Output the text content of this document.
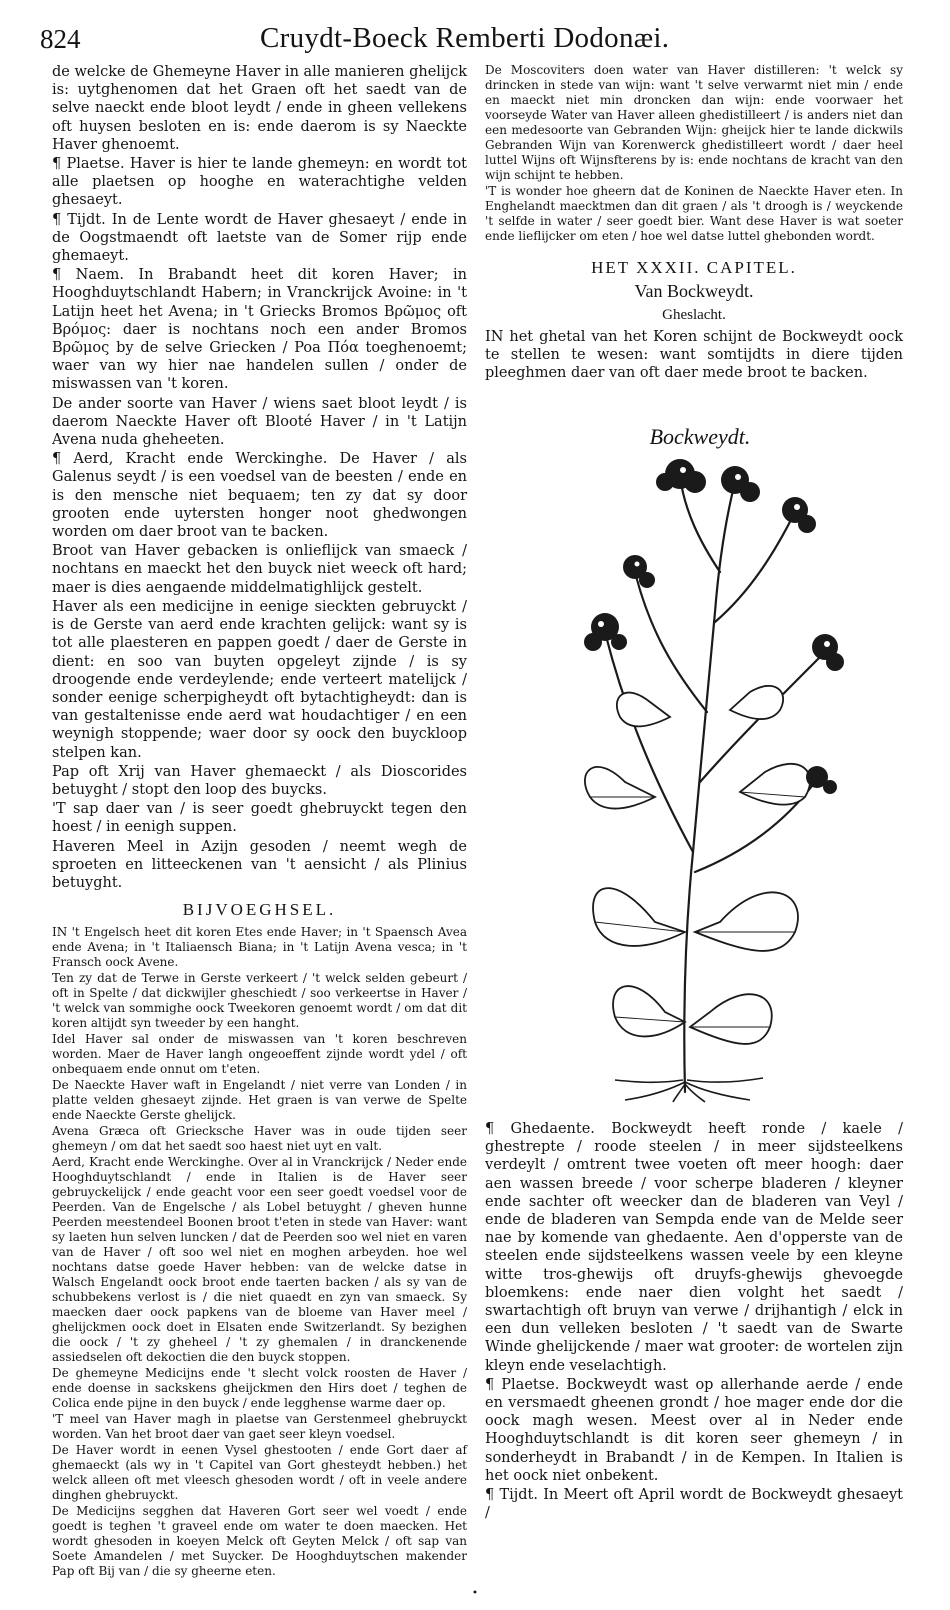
824	Cruydt-Boeck Remberti Dodonæi.

de welcke de Ghemeyne Haver in alle manieren ghelijck is: uytghenomen dat het Graen oft het saedt van de selve naeckt ende bloot leydt / ende in gheen vellekens oft huysen besloten en is: ende daerom is sy Naeckte Haver ghenoemt.

¶ Plaetse. Haver is hier te lande ghemeyn: en wordt tot alle plaetsen op hooghe en waterachtighe velden ghesaeyt.

¶ Tijdt. In de Lente wordt de Haver ghesaeyt / ende in de Oogstmaendt oft laetste van de Somer rijp ende ghemaeyt.

¶ Naem. In Brabandt heet dit koren Haver; in Hooghduytschlandt Habern; in Vranckrijck Avoine: in 't Latijn heet het Avena; in 't Griecks Bromos Βρῶμος oft Βρόμος: daer is nochtans noch een ander Bromos Βρῶμος by de selve Griecken / Poa Πόα toeghenoemt; waer van wy hier nae handelen sullen / onder de miswassen van 't koren.

De ander soorte van Haver / wiens saet bloot leydt / is daerom Naeckte Haver oft Blooté Haver / in 't Latijn Avena nuda gheheeten.

¶ Aerd, Kracht ende Werckinghe. De Haver / als Galenus seydt / is een voedsel van de beesten / ende en is den mensche niet bequaem; ten zy dat sy door grooten ende uytersten honger noot ghedwongen worden om daer broot van te backen.

Broot van Haver gebacken is onlieflijck van smaeck / nochtans en maeckt het den buyck niet weeck oft hard; maer is dies aengaende middelmatighlijck gestelt.

Haver als een medicijne in eenige sieckten gebruyckt / is de Gerste van aerd ende krachten gelijck: want sy is tot alle plaesteren en pappen goedt / daer de Gerste in dient: en soo van buyten opgeleyt zijnde / is sy droogende ende verdeylende; ende verteert matelijck / sonder eenige scherpigheydt oft bytachtigheydt: dan is van gestaltenisse ende aerd wat houdachtiger / en een weynigh stoppende; waer door sy oock den buyckloop stelpen kan.

Pap oft Xrij van Haver ghemaeckt / als Dioscorides betuyght / stopt den loop des buycks.

'T sap daer van / is seer goedt ghebruyckt tegen den hoest / in eenigh suppen.

Haveren Meel in Azijn gesoden / neemt wegh de sproeten en litteeckenen van 't aensicht / als Plinius betuyght.

BIJVOEGHSEL.

IN 't Engelsch heet dit koren Etes ende Haver; in 't Spaensch Avea ende Avena; in 't Italiaensch Biana; in 't Latijn Avena vesca; in 't Fransch oock Avene.

Ten zy dat de Terwe in Gerste verkeert / 't welck selden gebeurt / oft in Spelte / dat dickwijler gheschiedt / soo verkeertse in Haver / 't welck van sommighe oock Tweekoren genoemt wordt / om dat dit koren altijdt syn tweeder by een hanght.

Idel Haver sal onder de miswassen van 't koren beschreven worden. Maer de Haver langh ongeoeffent zijnde wordt ydel / oft onbequaem ende onnut om t'eten.

De Naeckte Haver waft in Engelandt / niet verre van Londen / in platte velden ghesaeyt zijnde. Het graen is van verwe de Spelte ende Naeckte Gerste ghelijck.

Avena Græca oft Griecksche Haver was in oude tijden seer ghemeyn / om dat het saedt soo haest niet uyt en valt.

Aerd, Kracht ende Werckinghe. Over al in Vranckrijck / Neder ende Hooghduytschlandt / ende in Italien is de Haver seer gebruyckelijck / ende geacht voor een seer goedt voedsel voor de Peerden. Van de Engelsche / als Lobel betuyght / gheven hunne Peerden meestendeel Boonen broot t'eten in stede van Haver: want sy laeten hun selven luncken / dat de Peerden soo wel niet en varen van de Haver / oft soo wel niet en moghen arbeyden. hoe wel nochtans datse goede Haver hebben: van de welcke datse in Walsch Engelandt oock broot ende taerten backen / als sy van de schubbekens verlost is / die niet quaedt en zyn van smaeck. Sy maecken daer oock papkens van de bloeme van Haver meel / ghelijckmen oock doet in Elsaten ende Switzerlandt. Sy bezighen die oock / 't zy gheheel / 't zy ghemalen / in dranckenende assiedselen oft dekoctien die den buyck stoppen.

De ghemeyne Medicijns ende 't slecht volck roosten de Haver / ende doense in sackskens gheijckmen den Hirs doet / teghen de Colica ende pijne in den buyck / ende legghense warme daer op.

'T meel van Haver magh in plaetse van Gerstenmeel ghebruyckt worden. Van het broot daer van gaet seer kleyn voedsel.

De Haver wordt in eenen Vysel ghestooten / ende Gort daer af ghemaeckt (als wy in 't Capitel van Gort ghesteydt hebben.) het welck alleen oft met vleesch ghesoden wordt / oft in veele andere dinghen ghebruyckt.

De Medicijns segghen dat Haveren Gort seer wel voedt / ende goedt is teghen 't graveel ende om water te doen maecken. Het wordt ghesoden in koeyen Melck oft Geyten Melck / oft sap van Soete Amandelen / met Suycker. De Hooghduytschen makender Pap oft Bij van / die sy gheerne eten.

De Moscoviters doen water van Haver distilleren: 't welck sy drincken in stede van wijn: want 't selve verwarmt niet min / ende en maeckt niet min droncken dan wijn: ende voorwaer het voorseyde Water van Haver alleen ghedistilleert / is anders niet dan een medesoorte van Gebranden Wijn: gheijck hier te lande dickwils Gebranden Wijn van Korenwerck ghedistilleert wordt / daer heel luttel Wijns oft Wijnsfterens by is: ende nochtans de kracht van den wijn schijnt te hebben.

'T is wonder hoe gheern dat de Koninen de Naeckte Haver eten. In Enghelandt maecktmen dan dit graen / als 't droogh is / weyckende 't selfde in water / seer goedt bier. Want dese Haver is wat soeter ende lieflijcker om eten / hoe wel datse luttel ghebonden wordt.

HET XXXII. CAPITEL.
Van Bockweydt.
Gheslacht.

IN het ghetal van het Koren schijnt de Bockweydt oock te stellen te wesen: want somtijdts in diere tijden pleeghmen daer van oft daer mede broot te backen.

Bockweydt.

¶ Ghedaente. Bockweydt heeft ronde / kaele / ghestrepte / roode steelen / in meer sijdsteelkens verdeylt / omtrent twee voeten oft meer hoogh: daer aen wassen breede / voor scherpe bladeren / kleyner ende sachter oft weecker dan de bladeren van Veyl / ende de bladeren van Sempda ende van de Melde seer nae by komende van ghedaente. Aen d'opperste van de steelen ende sijdsteelkens wassen veele by een kleyne witte tros-ghewijs oft druyfs-ghewijs ghevoegde bloemkens: ende naer dien volght het saedt / swartachtigh oft bruyn van verwe / drijhantigh / elck in een dun velleken besloten / 't saedt van de Swarte Winde ghelijckende / maer wat grooter: de wortelen zijn kleyn ende veselachtigh.

¶ Plaetse. Bockweydt wast op allerhande aerde / ende en versmaedt gheenen grondt / hoe mager ende dor die oock magh wesen. Meest over al in Neder ende Hooghduytschlandt is dit koren seer ghemeyn / in sonderheydt in Brabandt / in de Kempen. In Italien is het oock niet onbekent.

¶ Tijdt. In Meert oft April wordt de Bockweydt ghesaeyt /

•
